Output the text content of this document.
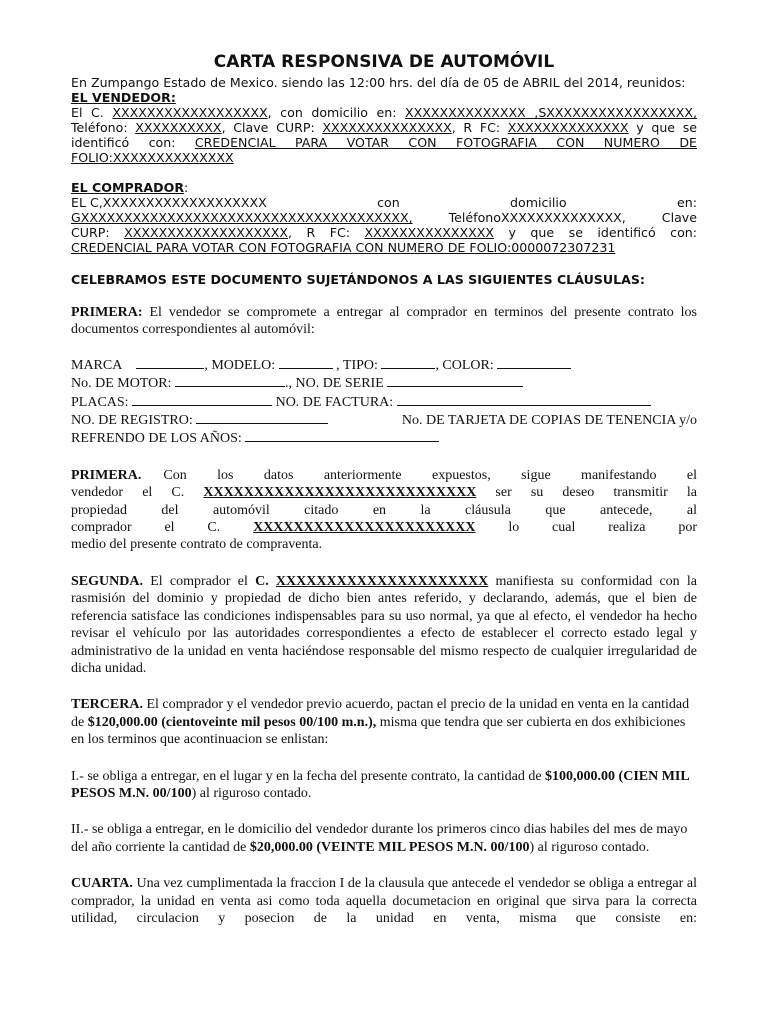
CARTA RESPONSIVA DE AUTOMÓVIL

En Zumpango Estado de Mexico. siendo las 12:00 hrs. del día de 05 de ABRIL del 2014, reunidos:

EL VENDEDOR:

El C. XXXXXXXXXXXXXXXXXX, con domicilio en: XXXXXXXXXXXXXX ,SXXXXXXXXXXXXXXXXX,

Teléfono: XXXXXXXXXX, Clave CURP: XXXXXXXXXXXXXXX, R FC: XXXXXXXXXXXXXX y que se

identificó con: CREDENCIAL PARA VOTAR CON FOTOGRAFIA CON NUMERO DE

FOLIO:XXXXXXXXXXXXXX

EL COMPRADOR:

EL C,XXXXXXXXXXXXXXXXXXX	con	domicilio	en:
GXXXXXXXXXXXXXXXXXXXXXXXXXXXXXXXXXXXXXX,	TeléfonoXXXXXXXXXXXXXX,	Clave

CURP: XXXXXXXXXXXXXXXXXXX, R FC: XXXXXXXXXXXXXXX y que se identificó con:

CREDENCIAL PARA VOTAR CON FOTOGRAFIA CON NUMERO DE FOLIO:0000072307231

CELEBRAMOS ESTE DOCUMENTO SUJETÁNDONOS A LAS SIGUIENTES CLÁUSULAS:

PRIMERA: El vendedor se compromete a entregar al comprador en terminos del presente contrato los documentos correspondientes al automóvil:

MARCA	, MODELO:	, TIPO:	, COLOR:

No. DE MOTOR:	., NO. DE SERIE

PLACAS:	NO. DE FACTURA:

NO. DE REGISTRO:	No. DE TARJETA DE COPIAS DE TENENCIA y/o

REFRENDO DE LOS AÑOS:

PRIMERA.	Con los datos anteriormente expuestos, sigue manifestando el

vendedor el C. XXXXXXXXXXXXXXXXXXXXXXXXXXX ser su deseo transmitir la

propiedad del automóvil citado en la cláusula que antecede, al

comprador el C. XXXXXXXXXXXXXXXXXXXXXX lo cual realiza por

medio del presente contrato de compraventa.

SEGUNDA. El comprador el C. XXXXXXXXXXXXXXXXXXXXX manifiesta su conformidad con la rasmisión del dominio y propiedad de dicho bien antes referido, y declarando, además, que el bien de referencia satisface las condiciones indispensables para su uso normal, ya que al efecto, el vendedor ha hecho revisar el vehículo por las autoridades correspondientes a efecto de establecer el correcto estado legal y administrativo de la unidad en venta haciéndose responsable del mismo respecto de cualquier irregularidad de dicha unidad.

TERCERA. El comprador y el vendedor previo acuerdo, pactan el precio de la unidad en venta en la cantidad de $120,000.00 (cientoveinte mil pesos 00/100 m.n.), misma que tendra que ser cubierta en dos exhibiciones en los terminos que acontinuacion se enlistan:

I.- se obliga a entregar, en el lugar y en la fecha del presente contrato, la cantidad de $100,000.00 (CIEN MIL PESOS M.N. 00/100) al riguroso contado.

II.- se obliga a entregar, en le domicilio del vendedor durante los primeros cinco dias habiles del mes de mayo del año corriente la cantidad de $20,000.00 (VEINTE MIL PESOS M.N. 00/100) al riguroso contado.

CUARTA. Una vez cumplimentada la fraccion I de la clausula que antecede el vendedor se obliga a entregar al comprador, la unidad en venta asi como toda aquella documetacion en original que sirva para la correcta utilidad, circulacion y posecion de la unidad en venta, misma que consiste en:
